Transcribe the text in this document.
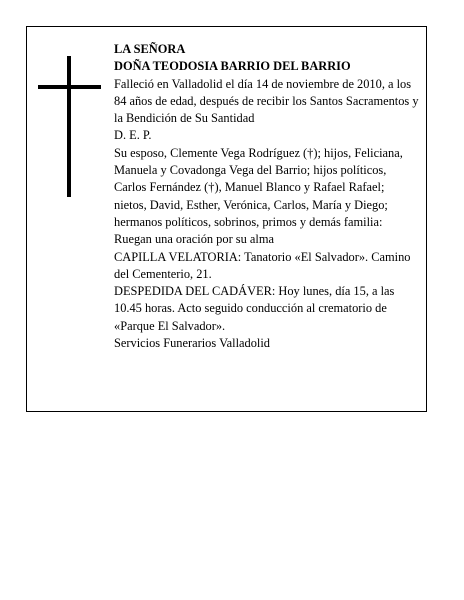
LA SEÑORA
DOÑA TEODOSIA BARRIO DEL BARRIO
Falleció en Valladolid el día 14 de noviembre de 2010, a los 84 años de edad, después de recibir los Santos Sacramentos y la Bendición de Su Santidad
D. E. P.
Su esposo, Clemente Vega Rodríguez (†); hijos, Feliciana, Manuela y Covadonga Vega del Barrio; hijos políticos, Carlos Fernández (†), Manuel Blanco y Rafael Rafael; nietos, David, Esther, Verónica, Carlos, María y Diego; hermanos políticos, sobrinos, primos y demás familia:
Ruegan una oración por su alma
CAPILLA VELATORIA: Tanatorio «El Salvador». Camino del Cementerio, 21.
DESPEDIDA DEL CADÁVER: Hoy lunes, día 15, a las 10.45 horas. Acto seguido conducción al crematorio de «Parque El Salvador».
Servicios Funerarios Valladolid
